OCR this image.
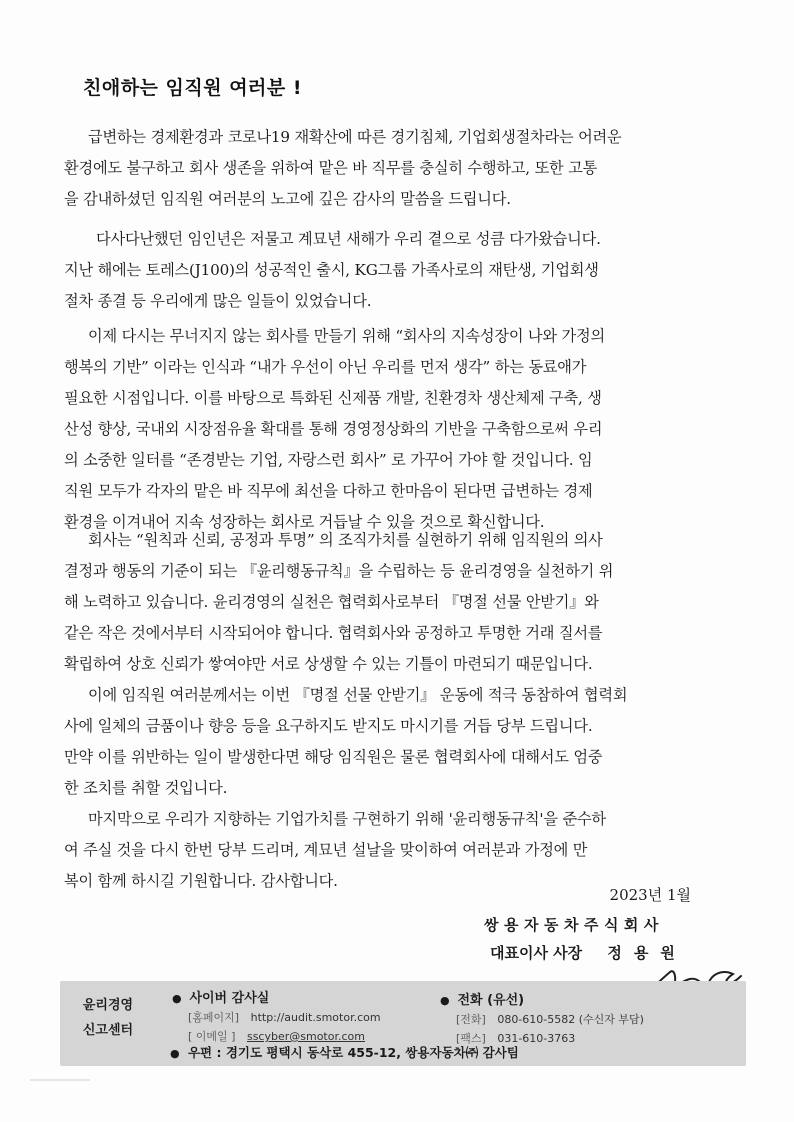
친애하는 임직원 여러분 !

급변하는 경제환경과 코로나19 재확산에 따른 경기침체, 기업회생절차라는 어려운
환경에도 불구하고 회사 생존을 위하여 맡은 바 직무를 충실히 수행하고, 또한 고통
을 감내하셨던 임직원 여러분의 노고에 깊은 감사의 말씀을 드립니다.

다사다난했던 임인년은 저물고 계묘년 새해가 우리 곁으로 성큼 다가왔습니다.
지난 해에는 토레스(J100)의 성공적인 출시, KG그룹 가족사로의 재탄생, 기업회생
절차 종결 등 우리에게 많은 일들이 있었습니다.

이제 다시는 무너지지 않는 회사를 만들기 위해 “회사의 지속성장이 나와 가정의
행복의 기반” 이라는 인식과 “내가 우선이 아닌 우리를 먼저 생각” 하는 동료애가
필요한 시점입니다. 이를 바탕으로 특화된 신제품 개발, 친환경차 생산체제 구축, 생
산성 향상, 국내외 시장점유율 확대를 통해 경영정상화의 기반을 구축함으로써 우리
의 소중한 일터를 “존경받는 기업, 자랑스런 회사” 로 가꾸어 가야 할 것입니다. 임
직원 모두가 각자의 맡은 바 직무에 최선을 다하고 한마음이 된다면 급변하는 경제
환경을 이겨내어 지속 성장하는 회사로 거듭날 수 있을 것으로 확신합니다.

회사는 “원칙과 신뢰, 공정과 투명” 의 조직가치를 실현하기 위해 임직원의 의사
결정과 행동의 기준이 되는 『윤리행동규칙』을 수립하는 등 윤리경영을 실천하기 위
해 노력하고 있습니다. 윤리경영의 실천은 협력회사로부터 『명절 선물 안받기』와
같은 작은 것에서부터 시작되어야 합니다. 협력회사와 공정하고 투명한 거래 질서를
확립하여 상호 신뢰가 쌓여야만 서로 상생할 수 있는 기틀이 마련되기 때문입니다.

이에 임직원 여러분께서는 이번 『명절 선물 안받기』 운동에 적극 동참하여 협력회
사에 일체의 금품이나 향응 등을 요구하지도 받지도 마시기를 거듭 당부 드립니다.
만약 이를 위반하는 일이 발생한다면 해당 임직원은 물론 협력회사에 대해서도 엄중
한 조치를 취할 것입니다.

마지막으로 우리가 지향하는 기업가치를 구현하기 위해 '윤리행동규칙'을 준수하
여 주실 것을 다시 한번 당부 드리며, 계묘년 설날을 맞이하여 여러분과 가정에 만
복이 함께 하시길 기원합니다. 감사합니다.

2023년 1월
쌍용자동차주식회사
대표이사 사장 정용원
윤리경영
신고센터
● 사이버 감사실
[홈페이지] http://audit.smotor.com
[ 이메일 ] sscyber@smotor.com
● 전화 (유선)
[전화] 080-610-5582 (수신자 부담)
[팩스] 031-610-3763
● 우편 : 경기도 평택시 동삭로 455-12, 쌍용자동차㈜ 감사팀
